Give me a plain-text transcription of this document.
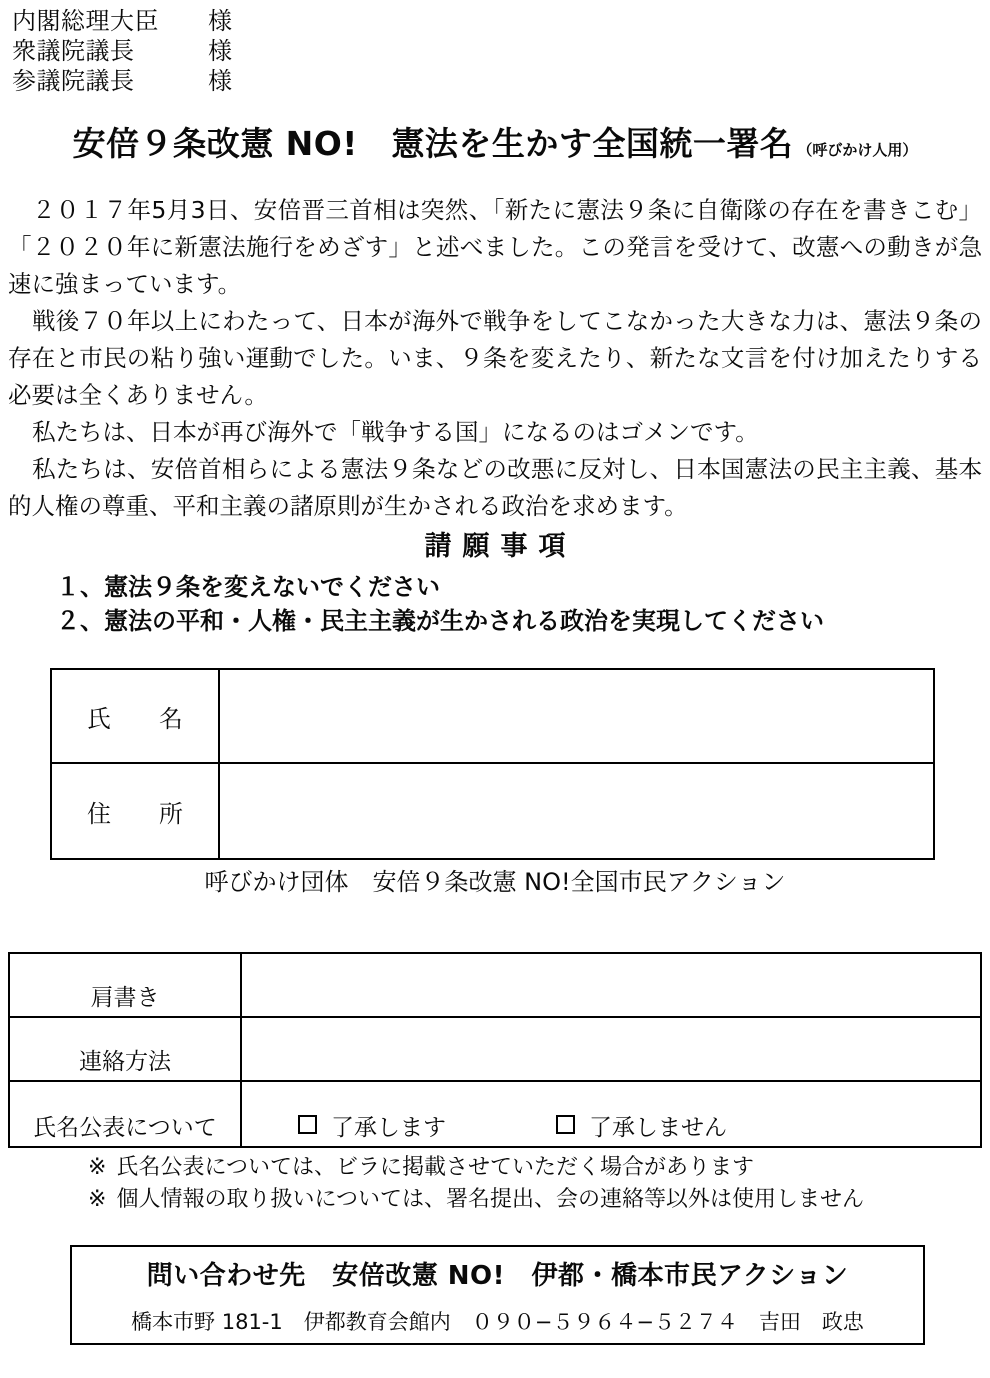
内閣総理大臣　　様
衆議院議長　　　様
参議院議長　　　様
安倍９条改憲 NO!　憲法を生かす全国統一署名 （呼びかけ人用）

２０１７年5月3日、安倍晋三首相は突然、「新たに憲法９条に自衛隊の存在を書きこむ」「２０２０年に新憲法施行をめざす」と述べました。この発言を受けて、改憲への動きが急速に強まっています。

戦後７０年以上にわたって、日本が海外で戦争をしてこなかった大きな力は、憲法９条の存在と市民の粘り強い運動でした。いま、９条を変えたり、新たな文言を付け加えたりする必要は全くありません。

私たちは、日本が再び海外で「戦争する国」になるのはゴメンです。

私たちは、安倍首相らによる憲法９条などの改悪に反対し、日本国憲法の民主主義、基本的人権の尊重、平和主義の諸原則が生かされる政治を求めます。

請願事項
１、憲法９条を変えないでください
２、憲法の平和・人権・民主主義が生かされる政治を実現してください
氏　名
住　所
呼びかけ団体　安倍９条改憲 NO!全国市民アクション
肩書き
連絡方法
氏名公表について	了承します	了承しません
※ 氏名公表については、ビラに掲載させていただく場合があります
※ 個人情報の取り扱いについては、署名提出、会の連絡等以外は使用しません
問い合わせ先　安倍改憲 NO!　伊都・橋本市民アクション
橋本市野 181-1　伊都教育会館内　０９０−５９６４−５２７４　吉田　政忠
